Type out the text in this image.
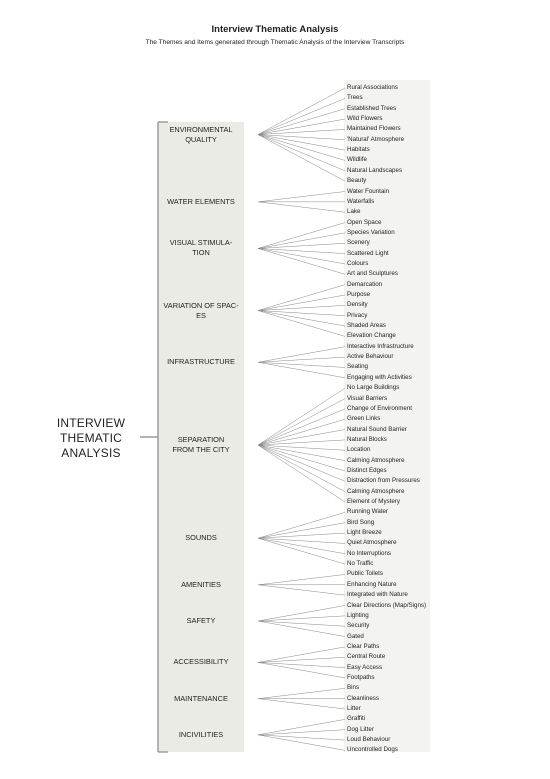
Interview Thematic Analysis
The Themes and Items generated through Thematic Analysis of the Interview Transcripts
INTERVIEW
THEMATIC
ANALYSIS
ENVIRONMENTAL
QUALITY
WATER ELEMENTS
VISUAL STIMULA-
TION
VARIATION OF SPAC-
ES
INFRASTRUCTURE
SEPARATION
FROM THE CITY
SOUNDS
AMENITIES
SAFETY
ACCESSIBILITY
MAINTENANCE
INCIVILITIES
Rural Associations
Trees
Established Trees
Wild Flowers
Maintained Flowers
'Natural' Atmosphere
Habitats
Wildlife
Natural Landscapes
Beauty
Water Fountain
Waterfalls
Lake
Open Space
Species Variation
Scenery
Scattered Light
Colours
Art and Sculptures
Demarcation
Purpose
Density
Privacy
Shaded Areas
Elevation Change
Interactive Infrastructure
Active Behaviour
Seating
Engaging with Activities
No Large Buildings
Visual Barriers
Change of Environment
Green Links
Natural Sound Barrier
Natural Blocks
Location
Calming Atmosphere
Distinct Edges
Distraction from Pressures
Calming Atmosphere
Element of Mystery
Running Water
Bird Song
Light Breeze
Quiet Atmosphere
No Interruptions
No Traffic
Public Toilets
Enhancing Nature
Integrated with Nature
Clear Directions (Map/Signs)
Lighting
Security
Gated
Clear Paths
Central Route
Easy Access
Footpaths
Bins
Cleanliness
Litter
Graffiti
Dog Litter
Loud Behaviour
Uncontrolled Dogs
